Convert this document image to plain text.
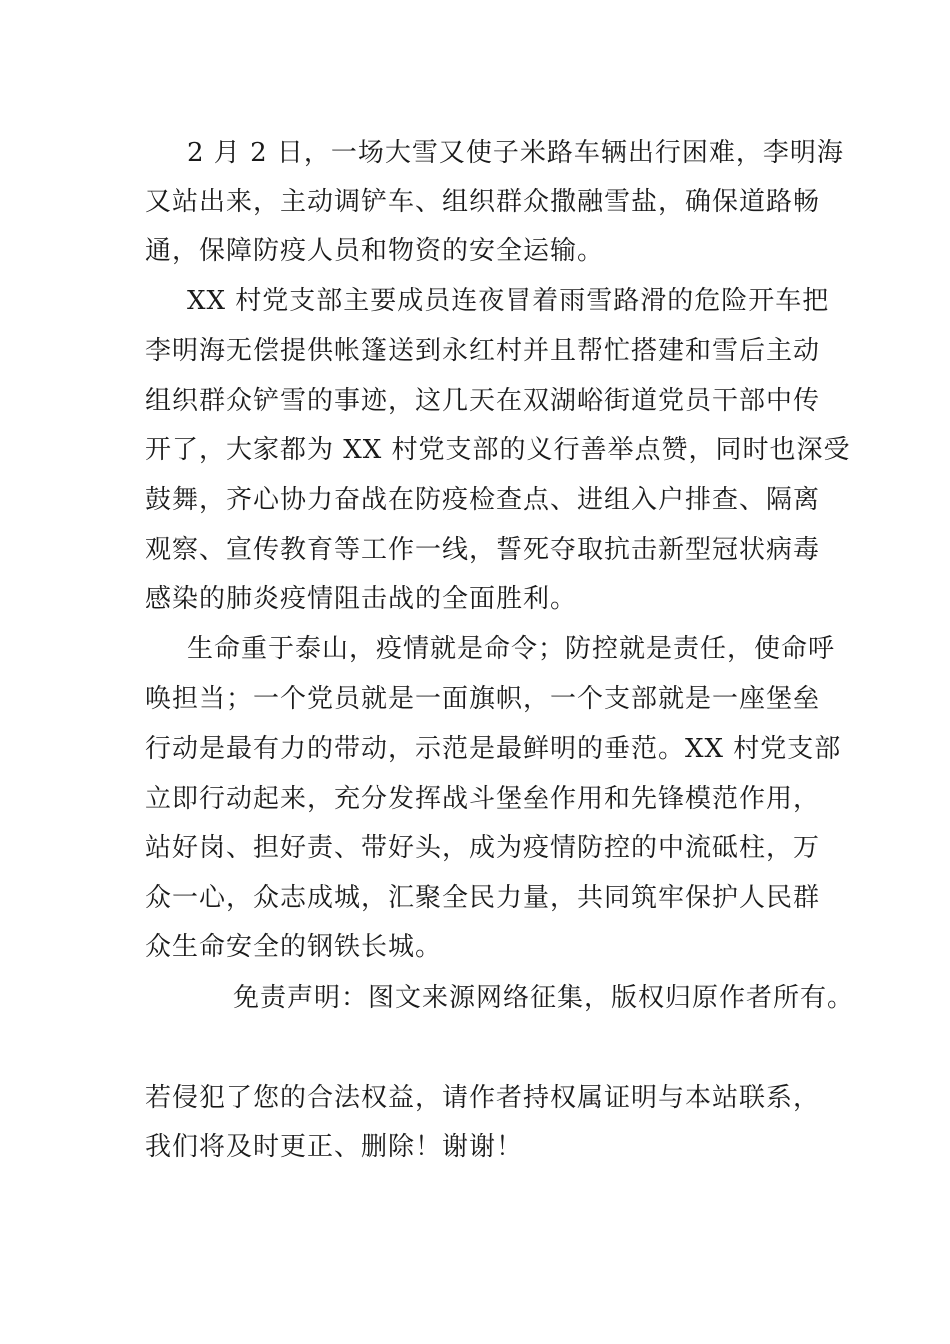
2 月 2 日，一场大雪又使子米路车辆出行困难，李明海
又站出来，主动调铲车、组织群众撒融雪盐，确保道路畅
通，保障防疫人员和物资的安全运输。
XX 村党支部主要成员连夜冒着雨雪路滑的危险开车把
李明海无偿提供帐篷送到永红村并且帮忙搭建和雪后主动
组织群众铲雪的事迹，这几天在双湖峪街道党员干部中传
开了，大家都为 XX 村党支部的义行善举点赞，同时也深受
鼓舞，齐心协力奋战在防疫检查点、进组入户排查、隔离
观察、宣传教育等工作一线，誓死夺取抗击新型冠状病毒
感染的肺炎疫情阻击战的全面胜利。
生命重于泰山，疫情就是命令；防控就是责任，使命呼
唤担当；一个党员就是一面旗帜，一个支部就是一座堡垒
行动是最有力的带动，示范是最鲜明的垂范。XX 村党支部
立即行动起来，充分发挥战斗堡垒作用和先锋模范作用，
站好岗、担好责、带好头，成为疫情防控的中流砥柱，万
众一心，众志成城，汇聚全民力量，共同筑牢保护人民群
众生命安全的钢铁长城。
免责声明：图文来源网络征集，版权归原作者所有。
若侵犯了您的合法权益，请作者持权属证明与本站联系，
我们将及时更正、删除！谢谢！
